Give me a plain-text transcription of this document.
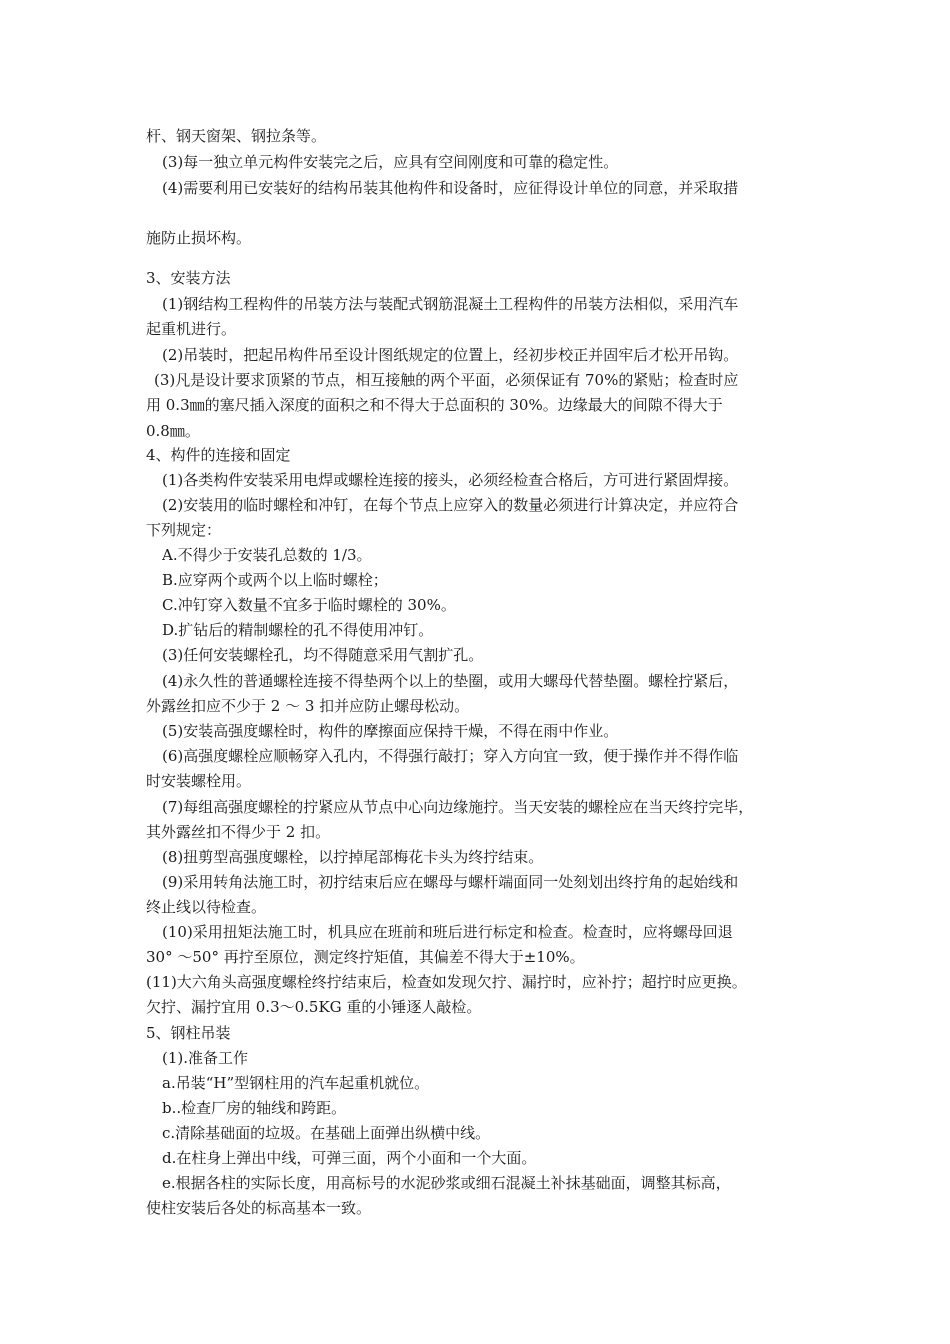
杆、钢天窗架、钢拉条等。
(3)每一独立单元构件安装完之后，应具有空间刚度和可靠的稳定性。
(4)需要利用已安装好的结构吊装其他构件和设备时，应征得设计单位的同意，并采取措
施防止损坏构。
3、安装方法
(1)钢结构工程构件的吊装方法与装配式钢筋混凝土工程构件的吊装方法相似，采用汽车
起重机进行。
(2)吊装时，把起吊构件吊至设计图纸规定的位置上，经初步校正并固牢后才松开吊钩。
(3)凡是设计要求顶紧的节点，相互接触的两个平面，必须保证有 70%的紧贴；检查时应
用 0.3㎜的塞尺插入深度的面积之和不得大于总面积的 30%。边缘最大的间隙不得大于
0.8㎜。
4、构件的连接和固定
(1)各类构件安装采用电焊或螺栓连接的接头，必须经检查合格后，方可进行紧固焊接。
(2)安装用的临时螺栓和冲钉，在每个节点上应穿入的数量必须进行计算决定，并应符合
下列规定：
A.不得少于安装孔总数的 1/3。
B.应穿两个或两个以上临时螺栓；
C.冲钉穿入数量不宜多于临时螺栓的 30%。
D.扩钻后的精制螺栓的孔不得使用冲钉。
(3)任何安装螺栓孔，均不得随意采用气割扩孔。
(4)永久性的普通螺栓连接不得垫两个以上的垫圈，或用大螺母代替垫圈。螺栓拧紧后，
外露丝扣应不少于 2 ～ 3 扣并应防止螺母松动。
(5)安装高强度螺栓时，构件的摩擦面应保持干燥，不得在雨中作业。
(6)高强度螺栓应顺畅穿入孔内，不得强行敲打；穿入方向宜一致，便于操作并不得作临
时安装螺栓用。
(7)每组高强度螺栓的拧紧应从节点中心向边缘施拧。当天安装的螺栓应在当天终拧完毕，
其外露丝扣不得少于 2 扣。
(8)扭剪型高强度螺栓，以拧掉尾部梅花卡头为终拧结束。
(9)采用转角法施工时，初拧结束后应在螺母与螺杆端面同一处刻划出终拧角的起始线和
终止线以待检查。
(10)采用扭矩法施工时，机具应在班前和班后进行标定和检查。检查时，应将螺母回退
30° ～50° 再拧至原位，测定终拧矩值，其偏差不得大于±10%。
(11)大六角头高强度螺栓终拧结束后，检查如发现欠拧、漏拧时，应补拧；超拧时应更换。
欠拧、漏拧宜用 0.3～0.5KG 重的小锤逐人敲检。
5、钢柱吊装
(1).准备工作
a.吊装“H”型钢柱用的汽车起重机就位。
b..检查厂房的轴线和跨距。
c.清除基础面的垃圾。在基础上面弹出纵横中线。
d.在柱身上弹出中线，可弹三面，两个小面和一个大面。
e.根据各柱的实际长度，用高标号的水泥砂浆或细石混凝土补抹基础面，调整其标高，
使柱安装后各处的标高基本一致。
